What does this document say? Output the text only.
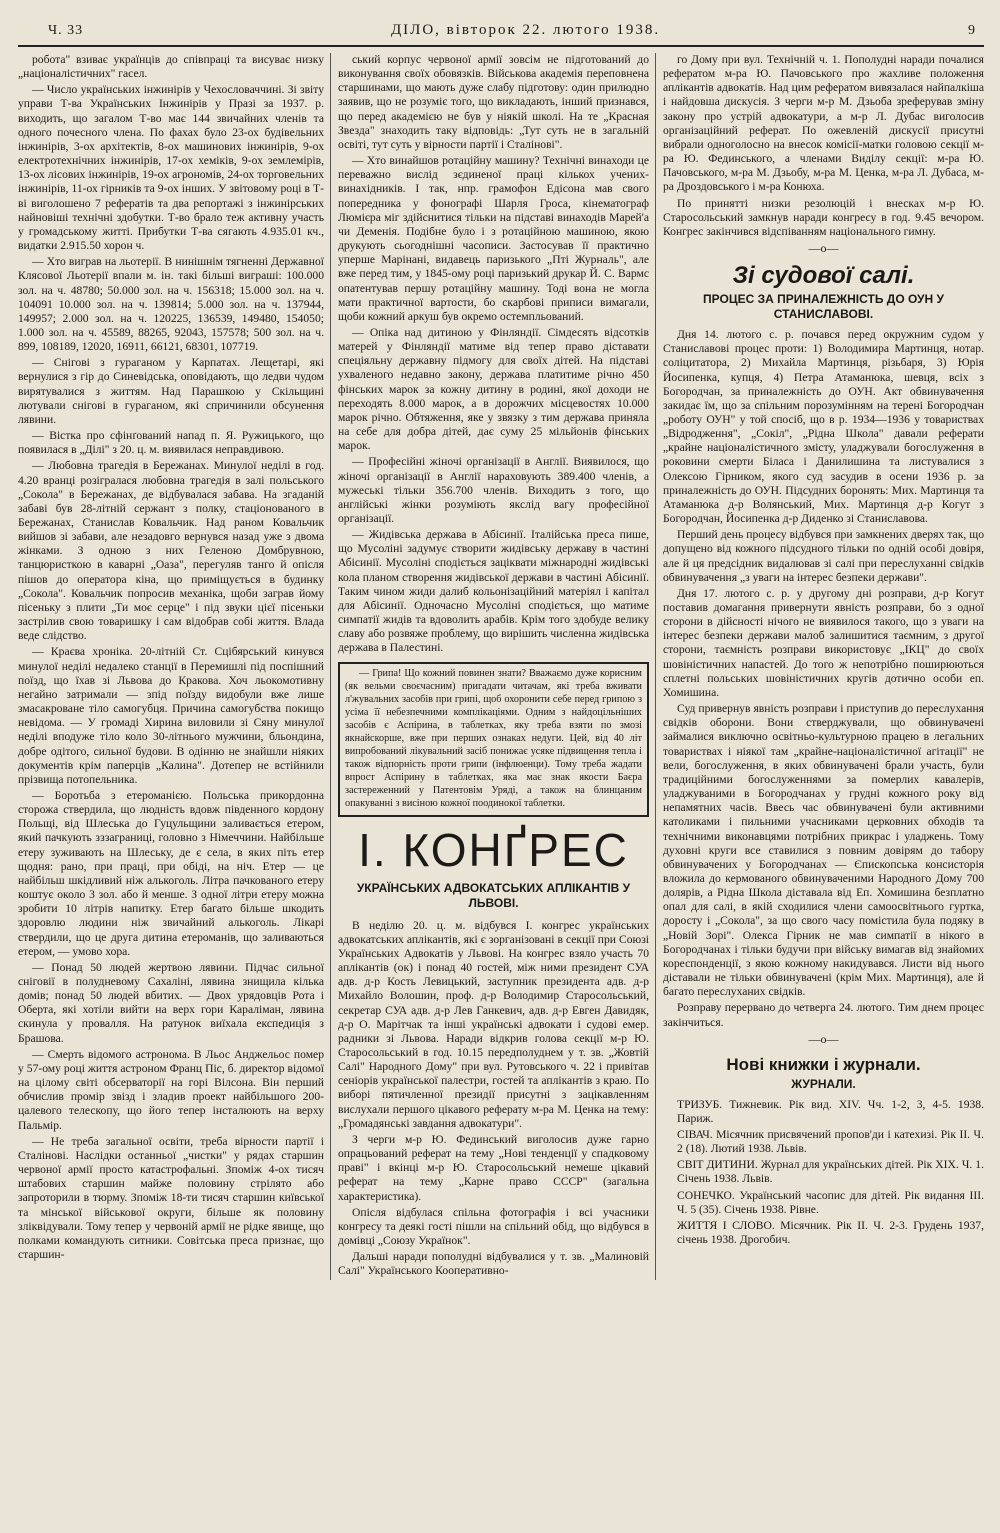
Ч. 33	ДІЛО, вівторок 22. лютого 1938.	9

робота" взиває українців до співпраці та висуває низку „націоналістичних" гасел.

— Число українських інжинірів у Чехословаччині. Зі звіту управи Т-ва Українських Інжинірів у Празі за 1937. р. виходить, що загалом Т-во має 144 звичайних членів та одного почесного члена. По фахах було 23-ох будівельних інжинірів, 3-ох архітектів, 8-ох машинових інжинірів, 9-ох електротехнічних інжинірів, 17-ох хеміків, 9-ох землемірів, 13-ох лісових інжинірів, 19-ох агрономів, 24-ох торговельних інжинірів, 11-ох гірників та 9-ох інших. У звітовому році в Т-ві виголошено 7 рефератів та два репортажі з інжинірських найновіші технічні здобутки. Т-во брало теж активну участь у громадському житті. Прибутки Т-ва сягають 4.935.01 кч., видатки 2.915.50 хорон ч.

— Хто виграв на льотерії. В нинішнім тягненні Державної Клясової Льотерії впали м. ін. такі більші виграші: 100.000 зол. на ч. 48780; 50.000 зол. на ч. 156318; 15.000 зол. на ч. 104091 10.000 зол. на ч. 139814; 5.000 зол. на ч. 137944, 149957; 2.000 зол. на ч. 120225, 136539, 149480, 154050; 1.000 зол. на ч. 45589, 88265, 92043, 157578; 500 зол. на ч. 899, 108189, 12020, 16911, 66121, 68301, 107719.

— Снігові з гураганом у Карпатах. Лещетарі, які вернулися з гір до Синевідська, оповідають, що ледви чудом вирятувалися з життям. Над Парашкою у Скільщині лютували снігові в гураганом, які спричинили обсунення лявини.

— Вістка про сфінґований напад п. Я. Ружицького, що появилася в „Ділі" з 20. ц. м. виявилася неправдивою.

— Любовна трагедія в Бережанах. Минулої неділі в год. 4.20 вранці розігралася любовна трагедія в залі польського „Сокола" в Бережанах, де відбувалася забава. На згаданій забаві був 28-літній сержант з полку, стаціонованого в Бережанах, Станислав Ковальчик. Над раном Ковальчик вийшов зі забави, але незадовго вернувся назад уже з двома жінками. З одною з них Геленою Домбрувною, танцюристкою в каварні „Оаза", перегуляв танго й опісля пішов до оператора кіна, що приміщується в будинку „Сокола". Ковальчик попросив механіка, щоби заграв йому пісеньку з плити „Ти моє серце" і під звуки цієї пісеньки застрілив свою товаришку і сам відобрав собі життя. Влада веде слідство.

— Краєва хроніка. 20-літній Ст. Сцібярський кинувся минулої неділі недалеко станції в Перемишлі під поспішний поїзд, що їхав зі Львова до Кракова. Хоч льокомотивну негайно затримали — зпід поїзду видобули вже лише змасакроване тіло самогубця. Причина самогубства покищо невідома. — У громаді Хирина виловили зі Сяну минулої неділі вподуже тіло коло 30-літнього мужчини, бльондина, добре одітого, сильної будови. В одінню не знайшли ніяких документів крім паперців „Калина". Дотепер не встійнили прізвища потопельника.

— Боротьба з етероманією. Польська прикордонна сторожа ствердила, що людність вдовж південного кордону Польщі, від Шлеська до Гуцульщини заливається етером, який пачкують зззаграниці, головно з Німеччини. Найбільше етеру зуживають на Шлеську, де є села, в яких піть етер щодня: рано, при праці, при обіді, на ніч. Етер — це найбільш шкідливий ніж алькоголь. Літра пачкованого етеру коштує около 3 зол. або й менше. З одної літри етеру можна зробити 10 літрів напитку. Етер багато більше шкодить здоровлю людини ніж звичайний алькоголь. Лікарі ствердили, що це друга дитина етероманів, що заливаються етером, — умово хора.

— Понад 50 людей жертвою лявини. Підчас сильної сніговії в полудневому Сахаліні, лявина знищила кілька домів; понад 50 людей вбитих. — Двох урядовців Рота і Оберта, які хотіли вийти на верх гори Караліман, лявина скинула у провалля. На ратунок виїхала експедиція з Брашова.

— Смерть відомого астронома. В Льос Анджельос помер у 57-ому році життя астроном Франц Піс, б. директор відомої на цілому світі обсерваторії на горі Вілсона. Він перший обчислив промір звізд і зладив проект найбільшого 200-цалевого телескопу, що його тепер інсталюють на верху Пальмір.

— Не треба загальної освіти, треба вірности партії і Сталінові. Наслідки останньої „чистки" у рядах старшин червоної армії просто катастрофальні. Зпоміж 4-ох тисяч штабових старшин майже половину стрілято або запроторили в тюрму. Зпоміж 18-ти тисяч старшин київської та мінської військової округи, більше як половину зліквідували. Тому тепер у червоній армії не рідке явище, що полками командують ситники. Совітська преса признає, що старшин-

ський корпус червоної армії зовсім не підготований до виконування своїх обовязків. Військова академія переповнена старшинами, що мають дуже слабу підготову: один прилюдно заявив, що не розуміє того, що викладають, інший признався, що перед академією не був у ніякій школі. На те „Красная Звезда" знаходить таку відповідь: „Тут суть не в загальній освіті, тут суть у вірности партії і Сталінові".

— Хто винайшов ротаційну машину? Технічні винаходи це переважно вислід зєдиненої праці кількох учених-винахідників. І так, нпр. грамофон Едісона мав свого попередника у фонографі Шарля Гроса, кінематограф Люмієра міг здійснитися тільки на підставі винаходів Марей'а чи Деменія. Подібне було і з ротаційною машиною, якою друкують сьогоднішні часописи. Застосував її практично уперше Марінані, видавець паризького „Пті Журналь", але вже перед тим, у 1845-ому році паризький друкар Й. С. Вармс опатентував першу ротаційну машину. Тоді вона не могла мати практичної вартости, бо скарбові приписи вимагали, щоби кожний аркуш був окремо остемпльований.

— Опіка над дитиною у Фінляндії. Сімдесять відсотків матерей у Фінляндії матиме від тепер право діставати спеціяльну державну підмогу для своїх дітей. На підставі ухваленого недавно закону, держава платитиме річно 450 фінських марок за кожну дитину в родині, якої доходи не переходять 8.000 марок, а в дорожчих місцевостях 10.000 марок річно. Обтяження, яке у звязку з тим держава приняла на себе для добра дітей, дає суму 25 мільйонів фінських марок.

— Професійні жіночі організації в Англії. Виявилося, що жіночі організації в Англії нараховують 389.400 членів, а мужеські тільки 356.700 членів. Виходить з того, що англійські жінки розуміють якслід вагу професійної організації.

— Жидівська держава в Абісинії. Італійська преса пише, що Мусоліні задумує створити жидівську державу в частині Абісинії. Мусоліні сподіється заціквати міжнародні жидівські кола планом створення жидівської держави в частині Абісинії. Таким чином жиди далиб кольонізаційний матеріял і капітал для Абісинії. Одночасно Мусоліні сподіється, що матиме симпатії жидів та вдоволить арабів. Крім того здобуде велику славу або розвяже проблему, що вирішить численна жидівська держава в Палестині.

— Грипа! Що кожний повинен знати? Вважаємо дуже корисним (як вельми своєчасним) пригадати читачам, які треба вживати л'жувальних засобів при грипі, щоб охоронити себе перед грипою з усіма її небезпечними комплікаціями. Одним з найдоцільніших засобів є Аспірина, в таблетках, яку треба взяти по змозі якнайскорше, вже при перших ознаках недуги. Цей, від 40 літ випробований лікувальний засіб понижає усяке підвищення тепла і також відпорність проти грипи (інфлюенци). Тому треба жадати впрост Аспірину в таблетках, яка має знак якости Баєра застереженний у Патентовім Уряді, а також на блинцаним опакуванні з висіною кожної поодинокої таблетки.

I. КОНҐРЕС
УКРАЇНСЬКИХ АДВОКАТСЬКИХ АПЛІКАНТІВ У ЛЬВОВІ.

В неділю 20. ц. м. відбувся I. конгрес українських адвокатських аплікантів, які є зорганізовані в секції при Союзі Українських Адвокатів у Львові. На конгрес взяло участь 70 аплікантів (ок) і понад 40 гостей, між ними президент СУА адв. д-р Кость Левицький, заступник президента адв. д-р Михайло Волошин, проф. д-р Володимир Старосольський, секретар СУА адв. д-р Лев Ганкевич, адв. д-р Евген Давидяк, д-р О. Марітчак та інші українські адвокати і судові емер. радники зі Львова. Наради відкрив голова секції м-р Ю. Старосольський в год. 10.15 передполуднем у т. зв. „Жовтій Салі" Народного Дому" при вул. Рутовського ч. 22 і привітав сеніорів української палестри, гостей та аплікантів з краю. По виборі пятичленної президії присутні з зацікавленням вислухали першого цікавого реферату м-ра М. Ценка на тему: „Громадянські завдання адвокатури".

З черги м-р Ю. Фединський виголосив дуже гарно опрацьований реферат на тему „Нові тенденції у спадковому праві" і вкінці м-р Ю. Старосольський немеше цікавий реферат на тему „Карне право СССР" (загальна характеристика).

Опісля відбулася спільна фотографія і всі учасники конгресу та деякі гості пішли на спільний обід, що відбувся в домівці „Союзу Українок".

Дальші наради пополудні відбувалися у т. зв. „Малиновій Салі" Українського Кооперативно-

го Дому при вул. Технічній ч. 1. Пополудні наради почалися рефератом м-ра Ю. Пачовського про жахливе положення аплікантів адвокатів. Над цим рефератом вивязалася найпалкіша і найдовша дискусія. З черги м-р М. Дзьоба зреферував зміну закону про устрій адвокатури, а м-р Л. Дубас виголосив організаційний реферат. По ожевленій дискусії присутні вибрали одноголосно на внесок комісії-матки головою секції м-ра Ю. Фединського, а членами Виділу секції: м-ра Ю. Пачовського, м-ра М. Дзьобу, м-ра М. Ценка, м-ра Л. Дубаса, м-ра Дроздовського і м-ра Конюха.

По принятті низки резолюцій і внесках м-р Ю. Старосольський замкнув наради конгресу в год. 9.45 вечором. Конгрес закінчився відспіванням національного гимну.

—o—
Зі судової салі.
ПРОЦЕС ЗА ПРИНАЛЕЖНІСТЬ ДО ОУН У СТАНИСЛАВОВІ.

Дня 14. лютого с. р. почався перед окружним судом у Станиславові процес проти: 1) Володимира Мартинця, нотар. соліцитатора, 2) Михайла Мартинця, різьбаря, 3) Юрія Йосипенка, купця, 4) Петра Атаманюка, шевця, всіх з Богородчан, за приналежність до ОУН. Акт обвинувачення закидає їм, що за спільним порозумінням на терені Богородчан „роботу ОУН" у той спосіб, що в р. 1934—1936 у товариствах „Відродження", „Сокіл", „Рідна Школа" давали реферати „крайне націоналістичного змісту, уладжували богослуження в роковини смерти Біласа і Данилишина та листувалися з Олексою Гірником, якого суд засудив в осени 1936 р. за приналежність до ОУН. Підсудних боронять: Мих. Мартинця та Атаманюка д-р Волянський, Мих. Мартинця д-р Когут з Богородчан, Йосипенка д-р Диденко зі Станиславова.

Перший день процесу відбувся при замкнених дверях так, що допущено від кожного підсудного тільки по одній особі довіря, але й ця предсідник видалював зі салі при переслуханні свідків обвинувачення „з уваги на інтерес безпеки держави".

Дня 17. лютого с. р. у другому дні розправи, д-р Когут поставив домагання привернути явність розправи, бо з одної сторони в дійсності нічого не виявилося такого, що з уваги на інтерес безпеки держави малоб залишитися таємним, з другої сторони, таємність розправи використовує „ІКЦ" до своїх шовіністичних напастей. До того ж непотрібно поширюються сплетні польських шовіністичних кругів дотично особи еп. Хомишина.

Суд привернув явність розправи і приступив до переслухання свідків оборони. Вони стверджували, що обвинувачені займалися виключно освітньо-культурною працею в легальних товариствах і ніякої там „крайне-націоналістичної агітації" не вели, богослуження, в яких обвинувачені брали участь, були традиційними богослуженнями за померлих кавалерів, уладжуваними в Богородчанах у грудні кожного року від непамятних часів. Ввесь час обвинувачені були активними католиками і пильними учасниками церковних обходів та технічними виконавцями потрібних прикрас і уладжень. Тому духовні круги все ставилися з повним довірям до табору обвинувачених у Богородчанах — Єпископська консисторія вложила до кермованого обвинуваченими Народного Дому 700 долярів, а Рідна Школа діставала від Еп. Хомишина безплатно опал для салі, в якій сходилися члени самоосвітнього гуртка, доросту і „Сокола", за що свого часу помістила була подяку в „Новій Зорі". Олекса Гірник не мав симпатії в нікого в Богородчанах і тільки будучи при війську вимагав від знайомих кореспонденції, з якою кожному накидувався. Листи від нього діставали не тільки обвинувачені (крім Мих. Мартинця), але й багато переслуханих свідків.

Розправу перервано до четверга 24. лютого. Тим днем процес закінчиться.

—o—
Нові книжки і журнали.
ЖУРНАЛИ.

ТРИЗУБ. Тижневик. Рік вид. XIV. Чч. 1-2, 3, 4-5. 1938. Париж.

СІВАЧ. Місячник присвячений пропов'ди і катехизі. Рік II. Ч. 2 (18). Лютий 1938. Львів.

СВІТ ДИТИНИ. Журнал для українських дітей. Рік XIX. Ч. 1. Січень 1938. Львів.

СОНЕЧКО. Український часопис для дітей. Рік видання III. Ч. 5 (35). Січень 1938. Рівне.

ЖИТТЯ І СЛОВО. Місячник. Рік II. Ч. 2-3. Грудень 1937, січень 1938. Дрогобич.
